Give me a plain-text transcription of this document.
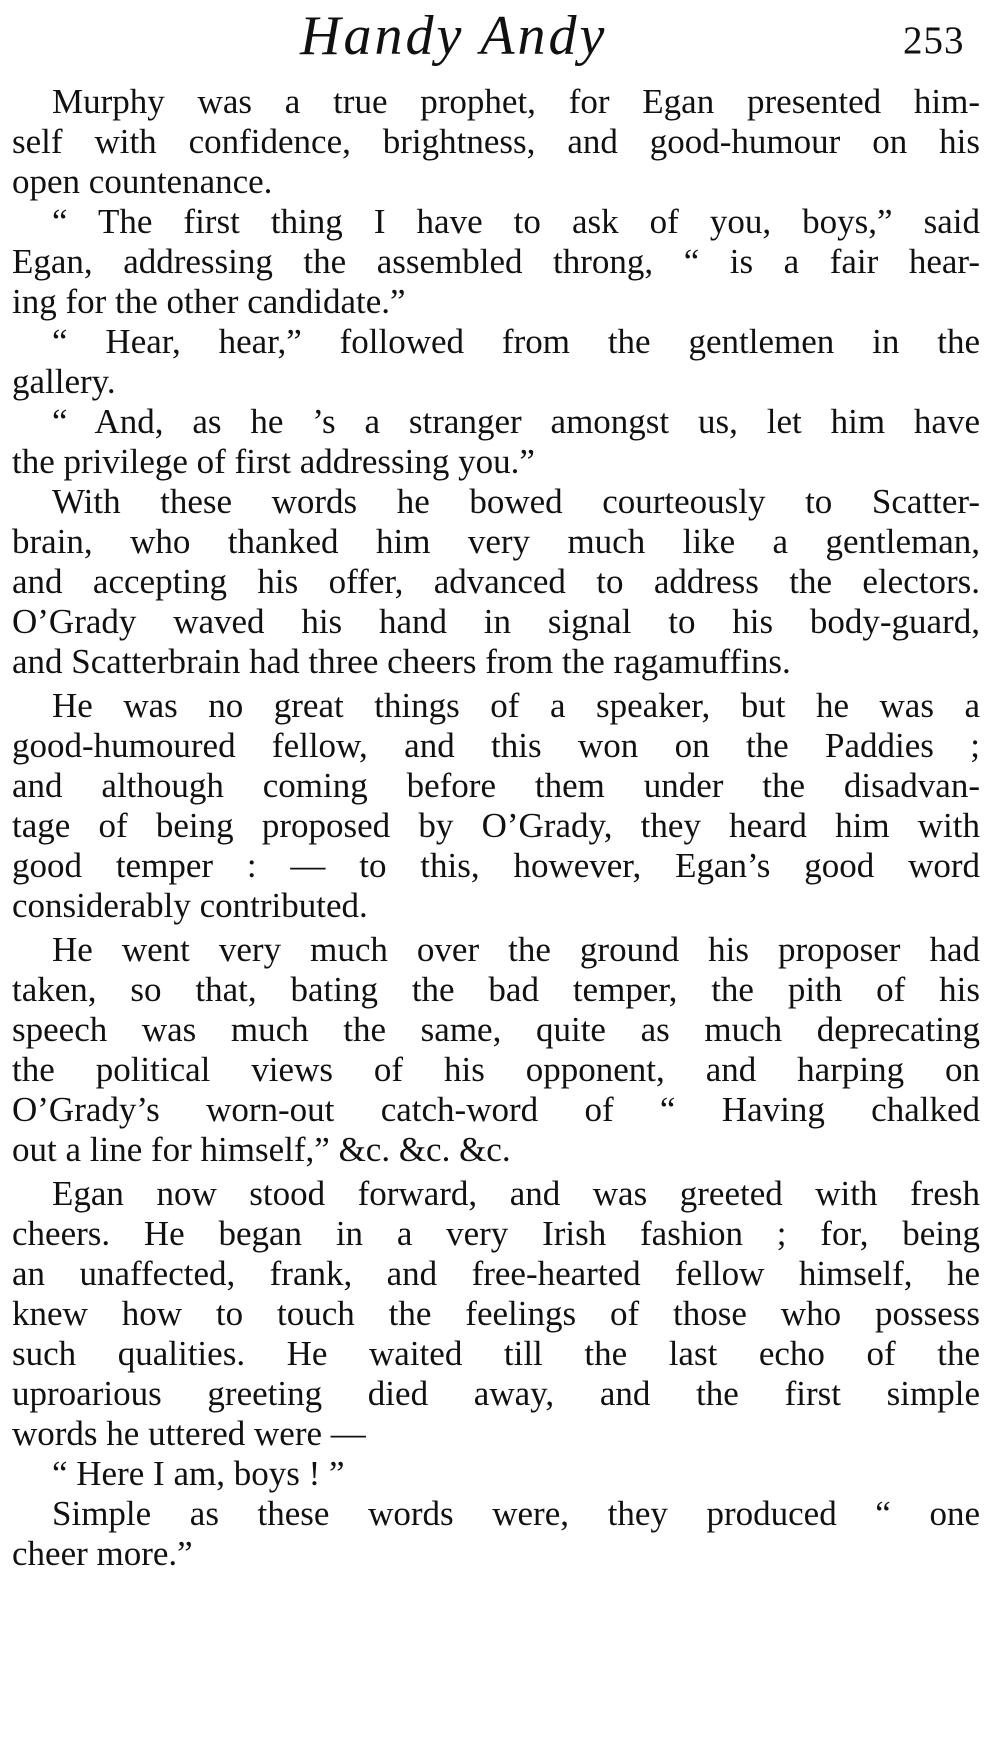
Handy Andy	253
Murphy was a true prophet, for Egan presented him-
self with confidence, brightness, and good-humour on his
open countenance.
“ The first thing I have to ask of you, boys,” said
Egan, addressing the assembled throng, “ is a fair hear-
ing for the other candidate.”
“ Hear, hear,” followed from the gentlemen in the
gallery.
“ And, as he ’s a stranger amongst us, let him have
the privilege of first addressing you.”
With these words he bowed courteously to Scatter-
brain, who thanked him very much like a gentleman,
and accepting his offer, advanced to address the electors.
O’Grady waved his hand in signal to his body-guard,
and Scatterbrain had three cheers from the ragamuffins.
He was no great things of a speaker, but he was a
good-humoured fellow, and this won on the Paddies ;
and although coming before them under the disadvan-
tage of being proposed by O’Grady, they heard him with
good temper : — to this, however, Egan’s good word
considerably contributed.
He went very much over the ground his proposer had
taken, so that, bating the bad temper, the pith of his
speech was much the same, quite as much deprecating
the political views of his opponent, and harping on
O’Grady’s worn-out catch-word of “ Having chalked
out a line for himself,” &c. &c. &c.
Egan now stood forward, and was greeted with fresh
cheers. He began in a very Irish fashion ; for, being
an unaffected, frank, and free-hearted fellow himself, he
knew how to touch the feelings of those who possess
such qualities. He waited till the last echo of the
uproarious greeting died away, and the first simple
words he uttered were —
“ Here I am, boys ! ”
Simple as these words were, they produced “ one
cheer more.”
